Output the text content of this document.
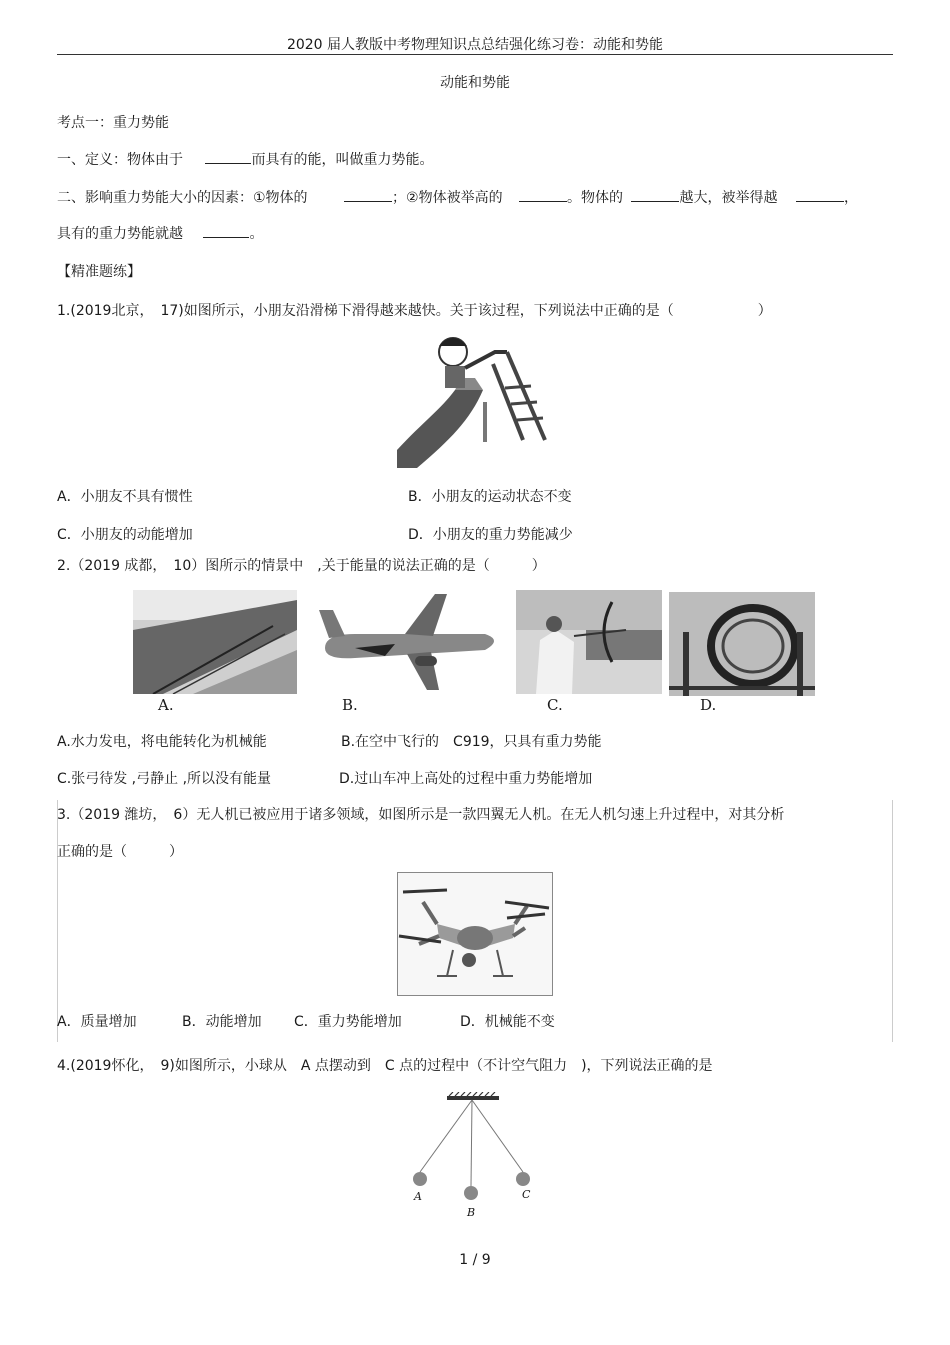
2020 届人教版中考物理知识点总结强化练习卷：动能和势能
动能和势能
考点一：重力势能
一、定义：物体由于	而具有的能，叫做重力势能。
二、影响重力势能大小的因素：①物体的	；②物体被举高的	。物体的	越大，被举得越	，
具有的重力势能就越	。
【精准题练】
1.(2019北京，　17)如图所示，小朋友沿滑梯下滑得越来越快。关于该过程，下列说法中正确的是（　　　　　　）
A．小朋友不具有惯性	B．小朋友的运动状态不变
C．小朋友的动能增加	D．小朋友的重力势能减少
2.（2019 成都，　10）图所示的情景中　,关于能量的说法正确的是（　　　）
A.	B.	C.	D.
A.水力发电，将电能转化为机械能	B.在空中飞行的　C919，只具有重力势能
C.张弓待发 ,弓静止 ,所以没有能量	D.过山车冲上高处的过程中重力势能增加
3.（2019 潍坊，　6）无人机已被应用于诸多领域，如图所示是一款四翼无人机。在无人机匀速上升过程中，对其分析
正确的是（　　　）
A．质量增加	B．动能增加 C．重力势能增加	D．机械能不变
4.(2019怀化，　9)如图所示，小球从　A 点摆动到　C 点的过程中（不计空气阻力　)，下列说法正确的是
A
B
C
1 / 9
